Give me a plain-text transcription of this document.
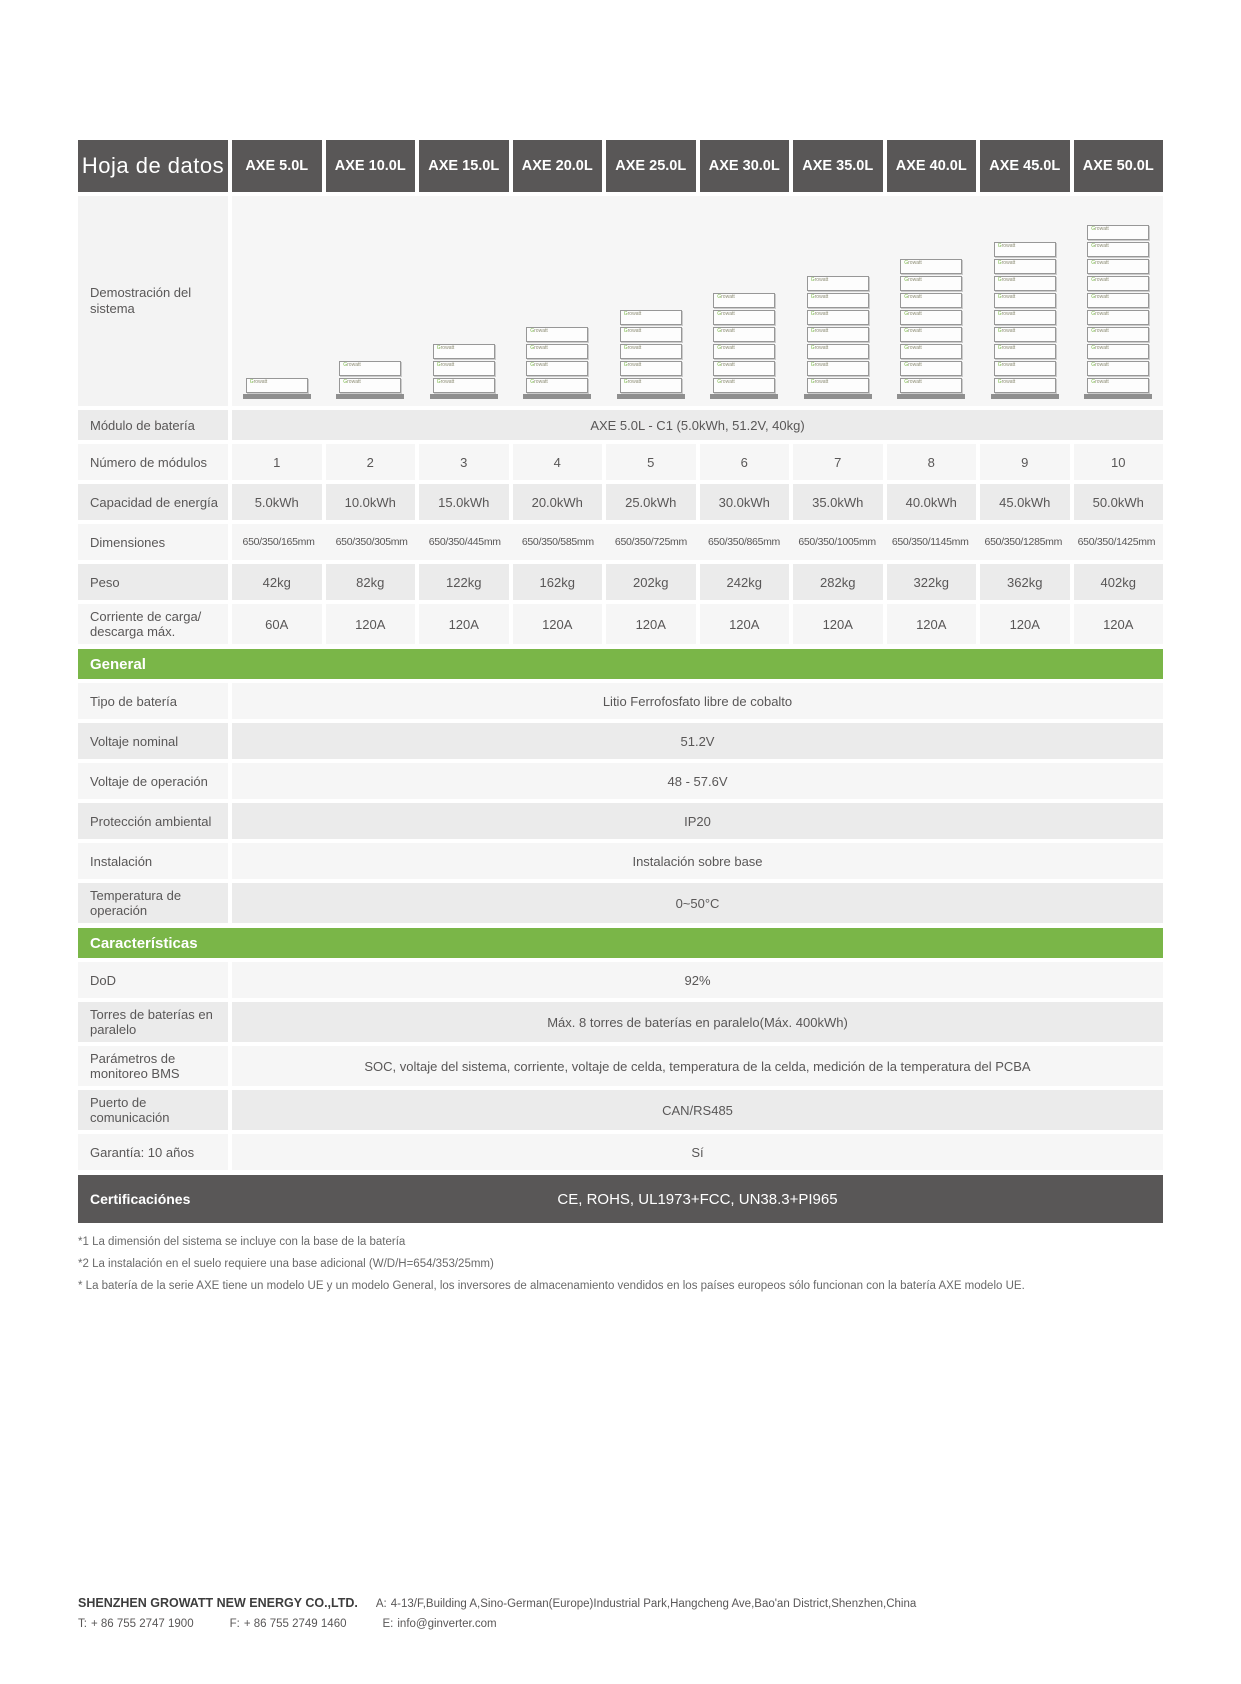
Hoja de datos	AXE 5.0L	AXE 10.0L	AXE 15.0L	AXE 20.0L	AXE 25.0L	AXE 30.0L	AXE 35.0L	AXE 40.0L	AXE 45.0L	AXE 50.0L
Demostración del sistema
Growatt
Growatt
Growatt
Growatt
Growatt
Growatt
Growatt
Growatt
Growatt
Growatt
Growatt
Growatt
Growatt
Growatt
Growatt
Growatt
Growatt
Growatt
Growatt
Growatt
Growatt
Growatt
Growatt
Growatt
Growatt
Growatt
Growatt
Growatt
Growatt
Growatt
Growatt
Growatt
Growatt
Growatt
Growatt
Growatt
Growatt
Growatt
Growatt
Growatt
Growatt
Growatt
Growatt
Growatt
Growatt
Growatt
Growatt
Growatt
Growatt
Growatt
Growatt
Growatt
Growatt
Growatt
Growatt
Módulo de batería	AXE 5.0L - C1 (5.0kWh, 51.2V, 40kg)
Número de módulos	1	2	3	4	5	6	7	8	9	10
Capacidad de energía	5.0kWh	10.0kWh	15.0kWh	20.0kWh	25.0kWh	30.0kWh	35.0kWh	40.0kWh	45.0kWh	50.0kWh
Dimensiones	650/350/165mm	650/350/305mm	650/350/445mm	650/350/585mm	650/350/725mm	650/350/865mm	650/350/1005mm	650/350/1145mm	650/350/1285mm	650/350/1425mm
Peso	42kg	82kg	122kg	162kg	202kg	242kg	282kg	322kg	362kg	402kg
Corriente de carga/ descarga máx.	60A	120A	120A	120A	120A	120A	120A	120A	120A	120A
General
Tipo de batería	Litio Ferrofosfato libre de cobalto
Voltaje nominal	51.2V
Voltaje de operación	48 - 57.6V
Protección ambiental	IP20
Instalación	Instalación sobre base
Temperatura de operación	0~50°C
Características
DoD	92%
Torres de baterías en paralelo	Máx. 8 torres de baterías en paralelo(Máx. 400kWh)
Parámetros de monitoreo BMS	SOC, voltaje del sistema, corriente, voltaje de celda, temperatura de la celda, medición de la temperatura del PCBA
Puerto de comunicación	CAN/RS485
Garantía: 10 años	Sí
Certificaciónes	CE, ROHS, UL1973+FCC, UN38.3+PI965

*1 La dimensión del sistema se incluye con la base de la batería

*2 La instalación en el suelo requiere una base adicional (W/D/H=654/353/25mm)

* La batería de la serie AXE tiene un modelo UE y un modelo General, los inversores de almacenamiento vendidos en los países europeos sólo funcionan con la batería AXE modelo UE.

SHENZHEN GROWATT NEW ENERGY CO.,LTD. A: 4-13/F,Building A,Sino-German(Europe)Industrial Park,Hangcheng Ave,Bao'an District,Shenzhen,China
T: + 86 755 2747 1900	F: + 86 755 2749 1460	E: info@ginverter.com
